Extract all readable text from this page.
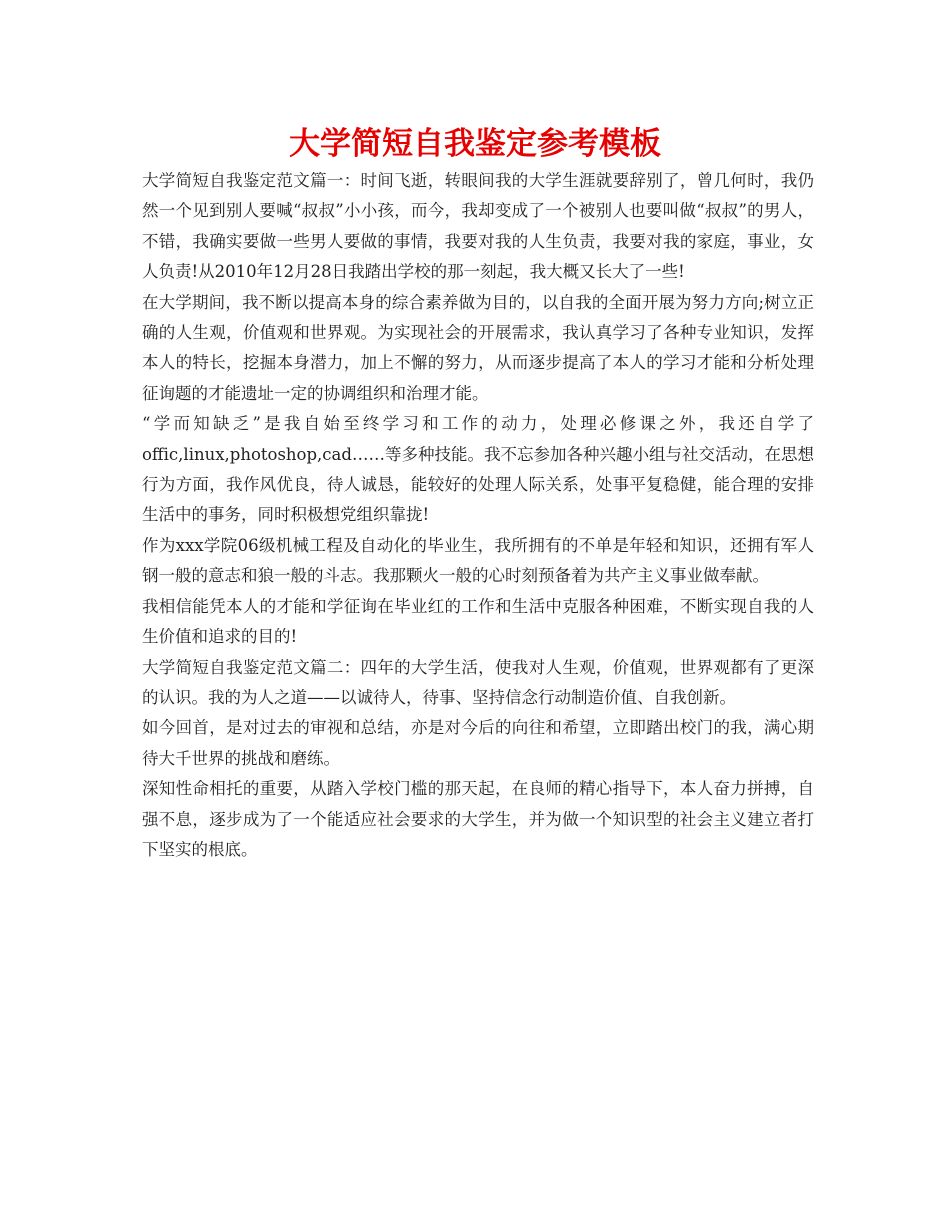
大学简短自我鉴定参考模板

大学简短自我鉴定范文篇一：时间飞逝，转眼间我的大学生涯就要辞别了，曾几何时，我仍然一个见到别人要喊“叔叔”小小孩，而今，我却变成了一个被别人也要叫做“叔叔”的男人，不错，我确实要做一些男人要做的事情，我要对我的人生负责，我要对我的家庭，事业，女人负责!从2010年12月28日我踏出学校的那一刻起，我大概又长大了一些!

在大学期间，我不断以提高本身的综合素养做为目的，以自我的全面开展为努力方向;树立正确的人生观，价值观和世界观。为实现社会的开展需求，我认真学习了各种专业知识，发挥本人的特长，挖掘本身潜力，加上不懈的努力，从而逐步提高了本人的学习才能和分析处理征询题的才能遗址一定的协调组织和治理才能。

“学而知缺乏”是我自始至终学习和工作的动力，处理必修课之外，我还自学了offic,linux,photoshop,cad……等多种技能。我不忘参加各种兴趣小组与社交活动，在思想行为方面，我作风优良，待人诚恳，能较好的处理人际关系，处事平复稳健，能合理的安排生活中的事务，同时积极想党组织靠拢!

作为xxx学院06级机械工程及自动化的毕业生，我所拥有的不单是年轻和知识，还拥有军人钢一般的意志和狼一般的斗志。我那颗火一般的心时刻预备着为共产主义事业做奉献。

我相信能凭本人的才能和学征询在毕业红的工作和生活中克服各种困难，不断实现自我的人生价值和追求的目的!

大学简短自我鉴定范文篇二：四年的大学生活，使我对人生观，价值观，世界观都有了更深的认识。我的为人之道——以诚待人，待事、坚持信念行动制造价值、自我创新。

如今回首，是对过去的审视和总结，亦是对今后的向往和希望，立即踏出校门的我，满心期待大千世界的挑战和磨练。

深知性命相托的重要，从踏入学校门槛的那天起，在良师的精心指导下，本人奋力拼搏，自强不息，逐步成为了一个能适应社会要求的大学生，并为做一个知识型的社会主义建立者打下坚实的根底。
